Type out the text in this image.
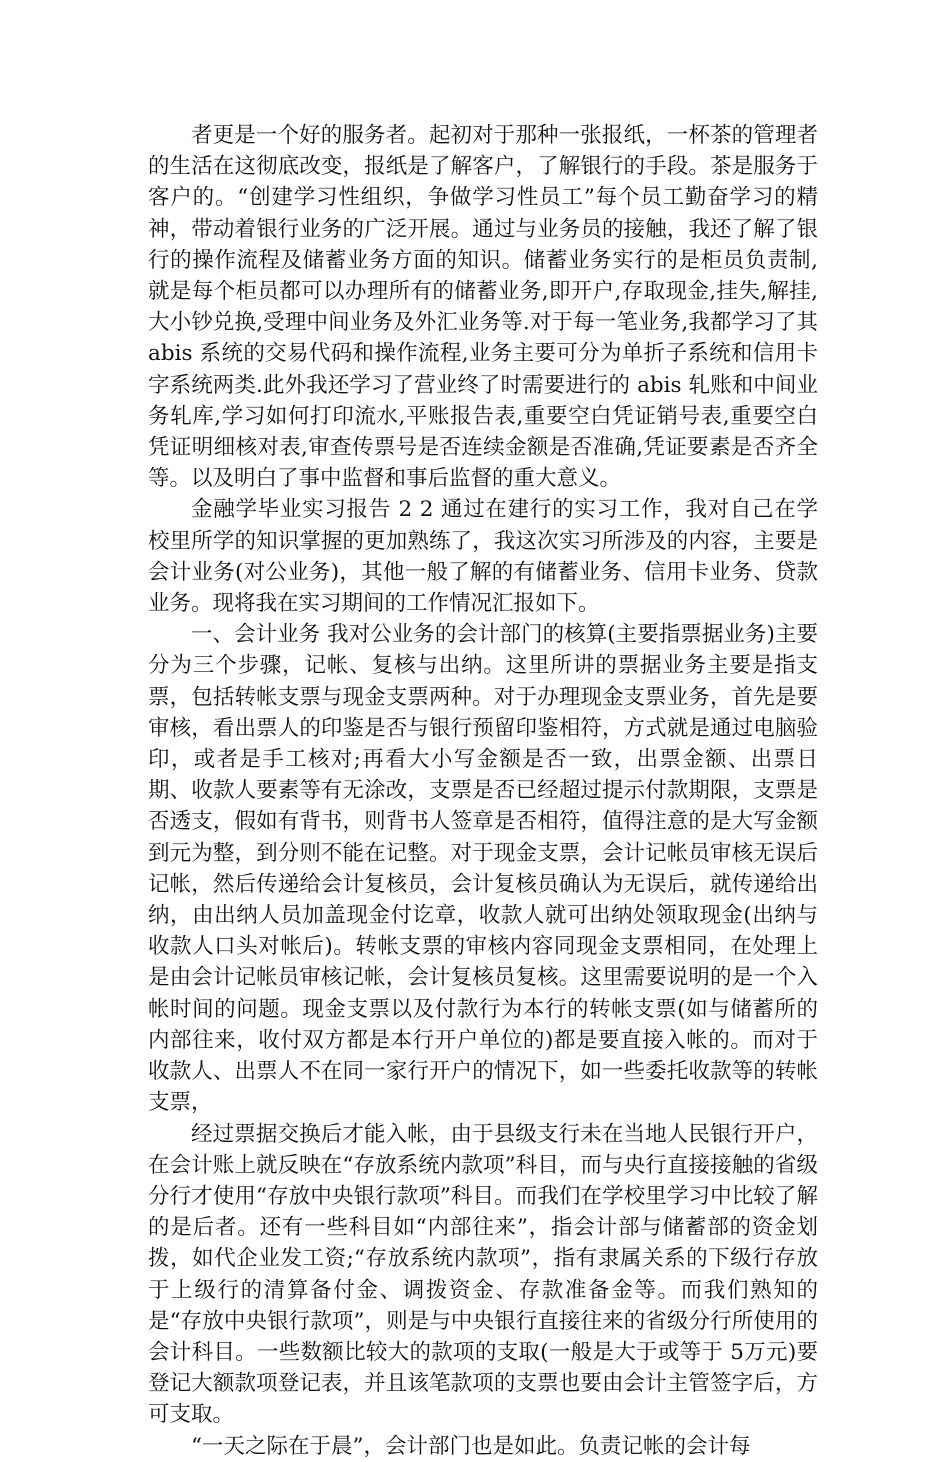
者更是一个好的服务者。起初对于那种一张报纸，一杯茶的管理者的生活在这彻底改变，报纸是了解客户，了解银行的手段。茶是服务于客户的。“创建学习性组织，争做学习性员工”每个员工勤奋学习的精神，带动着银行业务的广泛开展。通过与业务员的接触，我还了解了银行的操作流程及储蓄业务方面的知识。储蓄业务实行的是柜员负责制,就是每个柜员都可以办理所有的储蓄业务,即开户,存取现金,挂失,解挂,大小钞兑换,受理中间业务及外汇业务等.对于每一笔业务,我都学习了其 abis 系统的交易代码和操作流程,业务主要可分为单折子系统和信用卡字系统两类.此外我还学习了营业终了时需要进行的 abis 轧账和中间业务轧库,学习如何打印流水,平账报告表,重要空白凭证销号表,重要空白凭证明细核对表,审查传票号是否连续金额是否准确,凭证要素是否齐全等。以及明白了事中监督和事后监督的重大意义。

金融学毕业实习报告 2 2 通过在建行的实习工作，我对自己在学校里所学的知识掌握的更加熟练了，我这次实习所涉及的内容，主要是会计业务(对公业务)，其他一般了解的有储蓄业务、信用卡业务、贷款业务。现将我在实习期间的工作情况汇报如下。

一、会计业务 我对公业务的会计部门的核算(主要指票据业务)主要分为三个步骤，记帐、复核与出纳。这里所讲的票据业务主要是指支票，包括转帐支票与现金支票两种。对于办理现金支票业务，首先是要审核，看出票人的印鉴是否与银行预留印鉴相符，方式就是通过电脑验印，或者是手工核对;再看大小写金额是否一致，出票金额、出票日期、收款人要素等有无涂改，支票是否已经超过提示付款期限，支票是否透支，假如有背书，则背书人签章是否相符，值得注意的是大写金额到元为整，到分则不能在记整。对于现金支票，会计记帐员审核无误后记帐，然后传递给会计复核员，会计复核员确认为无误后，就传递给出纳，由出纳人员加盖现金付讫章，收款人就可出纳处领取现金(出纳与收款人口头对帐后)。转帐支票的审核内容同现金支票相同，在处理上是由会计记帐员审核记帐，会计复核员复核。这里需要说明的是一个入帐时间的问题。现金支票以及付款行为本行的转帐支票(如与储蓄所的内部往来，收付双方都是本行开户单位的)都是要直接入帐的。而对于收款人、出票人不在同一家行开户的情况下，如一些委托收款等的转帐支票，

经过票据交换后才能入帐，由于县级支行未在当地人民银行开户，在会计账上就反映在“存放系统内款项”科目，而与央行直接接触的省级分行才使用“存放中央银行款项”科目。而我们在学校里学习中比较了解的是后者。还有一些科目如“内部往来”，指会计部与储蓄部的资金划拨，如代企业发工资;“存放系统内款项”，指有隶属关系的下级行存放于上级行的清算备付金、调拨资金、存款准备金等。而我们熟知的是“存放中央银行款项”，则是与中央银行直接往来的省级分行所使用的会计科目。一些数额比较大的款项的支取(一般是大于或等于 5万元)要登记大额款项登记表，并且该笔款项的支票也要由会计主管签字后，方可支取。

“一天之际在于晨”，会计部门也是如此。负责记帐的会计每
